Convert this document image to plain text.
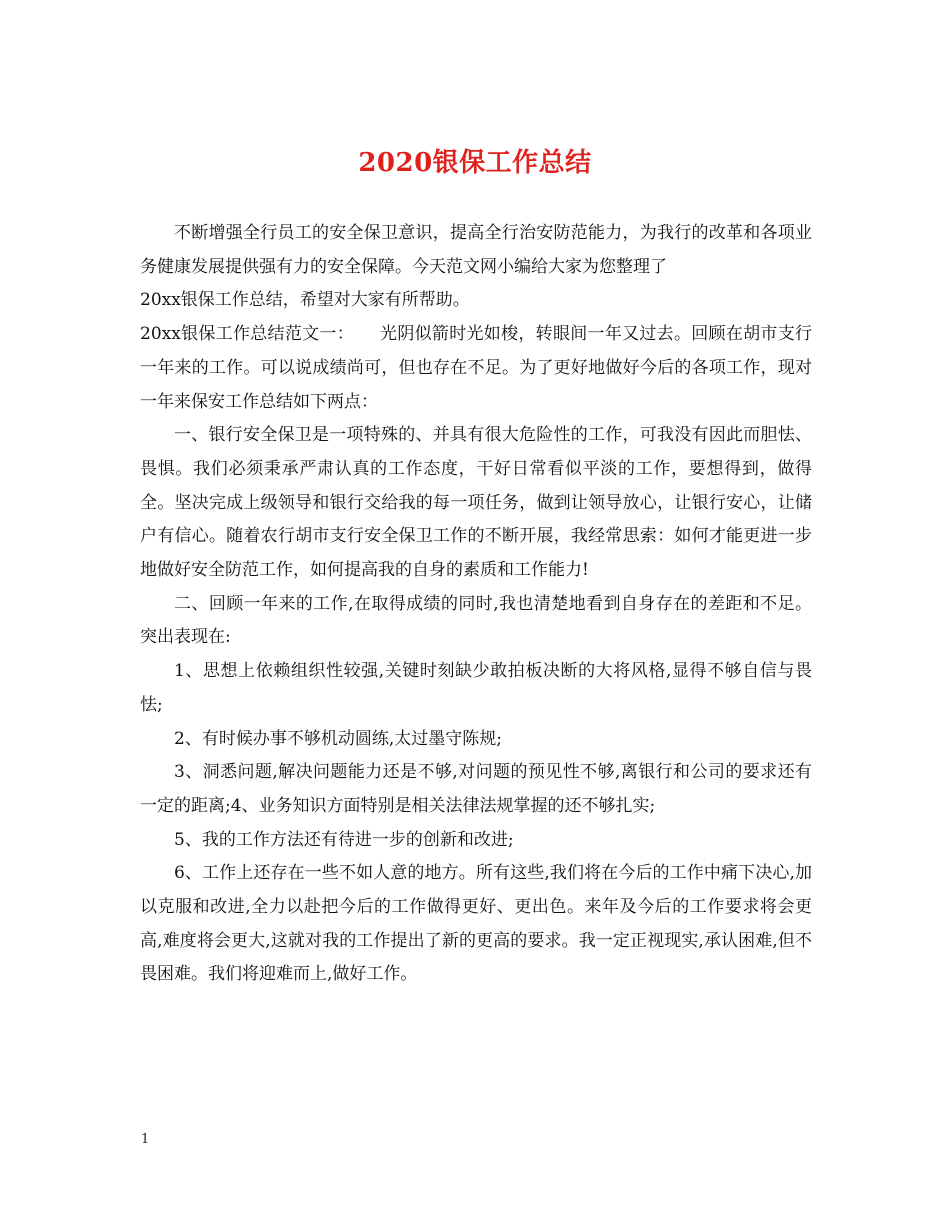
2020银保工作总结

不断增强全行员工的安全保卫意识，提高全行治安防范能力，为我行的改革和各项业务健康发展提供强有力的安全保障。今天范文网小编给大家为您整理了

20xx银保工作总结，希望对大家有所帮助。

20xx银保工作总结范文一：　　光阴似箭时光如梭，转眼间一年又过去。回顾在胡市支行一年来的工作。可以说成绩尚可，但也存在不足。为了更好地做好今后的各项工作，现对一年来保安工作总结如下两点：

一、银行安全保卫是一项特殊的、并具有很大危险性的工作，可我没有因此而胆怯、畏惧。我们必须秉承严肃认真的工作态度，干好日常看似平淡的工作，要想得到，做得全。坚决完成上级领导和银行交给我的每一项任务，做到让领导放心，让银行安心，让储户有信心。随着农行胡市支行安全保卫工作的不断开展，我经常思索：如何才能更进一步地做好安全防范工作，如何提高我的自身的素质和工作能力!

二、回顾一年来的工作,在取得成绩的同时,我也清楚地看到自身存在的差距和不足。突出表现在:

1、思想上依赖组织性较强,关键时刻缺少敢拍板决断的大将风格,显得不够自信与畏怯;

2、有时候办事不够机动圆练,太过墨守陈规;

3、洞悉问题,解决问题能力还是不够,对问题的预见性不够,离银行和公司的要求还有一定的距离;4、业务知识方面特别是相关法律法规掌握的还不够扎实;

5、我的工作方法还有待进一步的创新和改进;

6、工作上还存在一些不如人意的地方。所有这些,我们将在今后的工作中痛下决心,加以克服和改进,全力以赴把今后的工作做得更好、更出色。来年及今后的工作要求将会更高,难度将会更大,这就对我的工作提出了新的更高的要求。我一定正视现实,承认困难,但不畏困难。我们将迎难而上,做好工作。

1
